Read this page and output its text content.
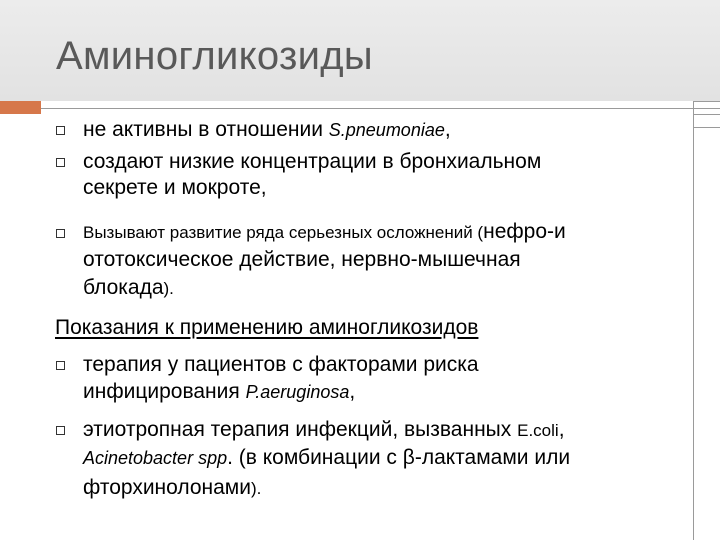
Аминогликозиды
не активны в отношении S.pneumoniae,
создают низкие концентрации в бронхиальном
секрете и мокроте,
Вызывают развитие ряда серьезных осложнений (нефро-и
ототоксическое действие, нервно-мышечная
блокада).
Показания к применению аминогликозидов
терапия у пациентов с факторами риска
инфицирования P.aeruginosa,
этиотропная терапия инфекций, вызванных E.coli,
Acinetobacter spp. (в комбинации с β-лактамами или
фторхинолонами).
